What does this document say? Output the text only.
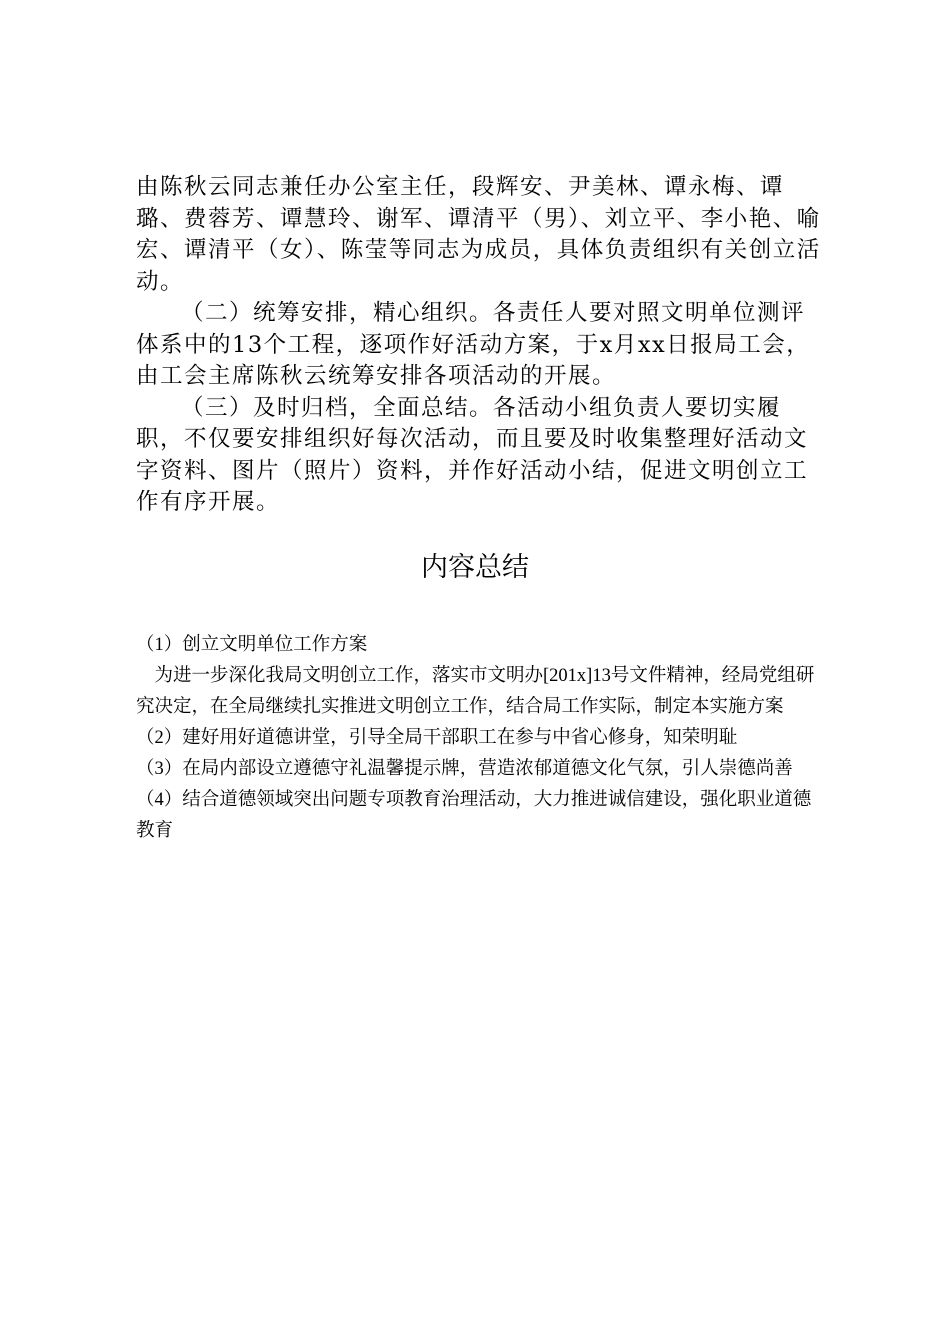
由陈秋云同志兼任办公室主任，段辉安、尹美林、谭永梅、谭璐、费蓉芳、谭慧玲、谢军、谭清平（男）、刘立平、李小艳、喻宏、谭清平（女）、陈莹等同志为成员，具体负责组织有关创立活动。

（二）统筹安排，精心组织。各责任人要对照文明单位测评体系中的13个工程，逐项作好活动方案，于x月xx日报局工会，由工会主席陈秋云统筹安排各项活动的开展。

（三）及时归档，全面总结。各活动小组负责人要切实履职，不仅要安排组织好每次活动，而且要及时收集整理好活动文字资料、图片（照片）资料，并作好活动小结，促进文明创立工作有序开展。

内容总结

（1）创立文明单位工作方案

为进一步深化我局文明创立工作，落实市文明办[201x]13号文件精神，经局党组研究决定，在全局继续扎实推进文明创立工作，结合局工作实际，制定本实施方案

（2）建好用好道德讲堂，引导全局干部职工在参与中省心修身，知荣明耻

（3）在局内部设立遵德守礼温馨提示牌，营造浓郁道德文化气氛，引人崇德尚善

（4）结合道德领域突出问题专项教育治理活动，大力推进诚信建设，强化职业道德教育
